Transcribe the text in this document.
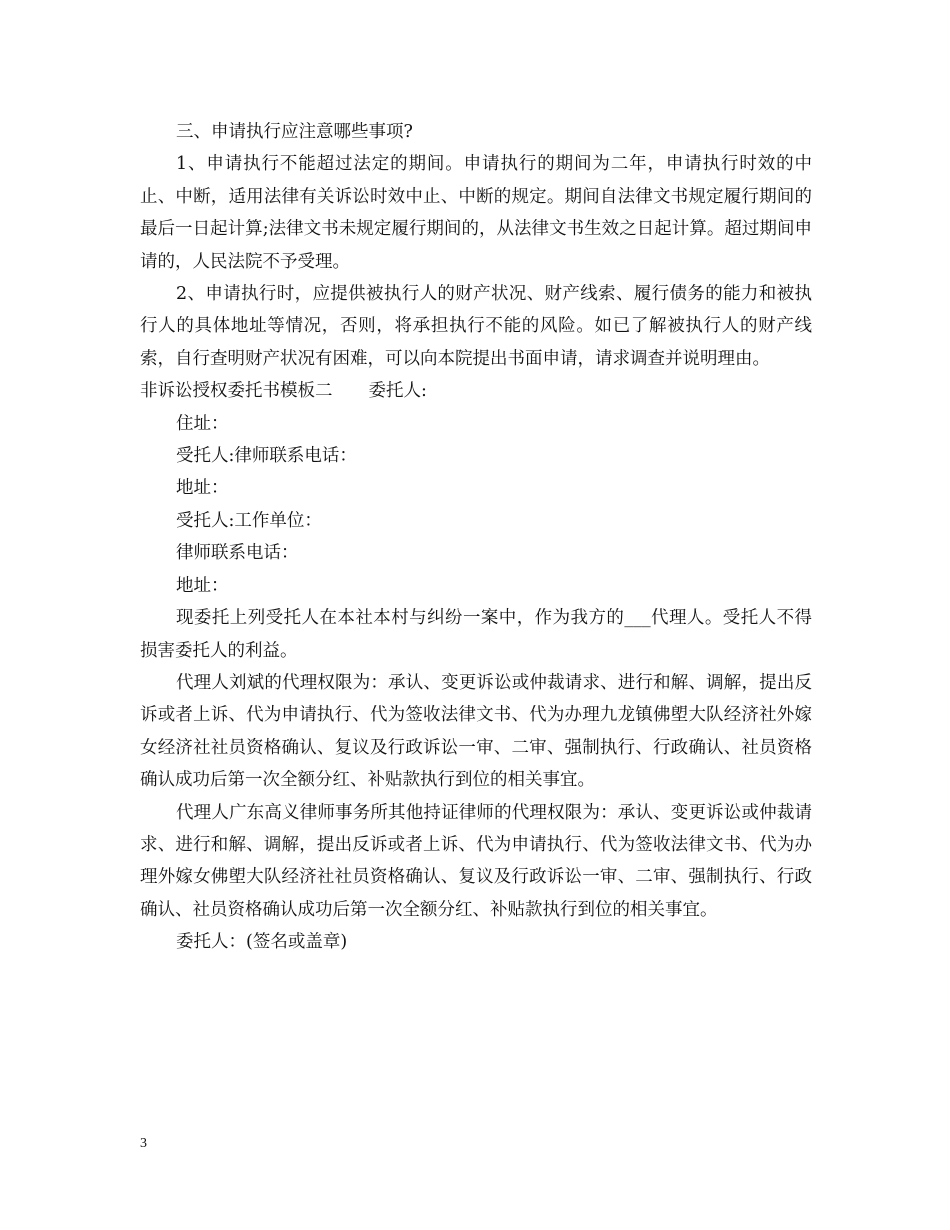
三、申请执行应注意哪些事项?

1、申请执行不能超过法定的期间。申请执行的期间为二年，申请执行时效的中止、中断，适用法律有关诉讼时效中止、中断的规定。期间自法律文书规定履行期间的最后一日起计算;法律文书未规定履行期间的，从法律文书生效之日起计算。超过期间申请的，人民法院不予受理。

2、申请执行时，应提供被执行人的财产状况、财产线索、履行债务的能力和被执行人的具体地址等情况，否则，将承担执行不能的风险。如已了解被执行人的财产线索，自行查明财产状况有困难，可以向本院提出书面申请，请求调查并说明理由。

非诉讼授权委托书模板二 委托人:

住址：

受托人:律师联系电话：

地址：

受托人:工作单位：

律师联系电话：

地址：

现委托上列受托人在本社本村与纠纷一案中，作为我方的___代理人。受托人不得损害委托人的利益。

代理人刘斌的代理权限为：承认、变更诉讼或仲裁请求、进行和解、调解，提出反诉或者上诉、代为申请执行、代为签收法律文书、代为办理九龙镇佛塱大队经济社外嫁女经济社社员资格确认、复议及行政诉讼一审、二审、强制执行、行政确认、社员资格确认成功后第一次全额分红、补贴款执行到位的相关事宜。

代理人广东高义律师事务所其他持证律师的代理权限为：承认、变更诉讼或仲裁请求、进行和解、调解，提出反诉或者上诉、代为申请执行、代为签收法律文书、代为办理外嫁女佛塱大队经济社社员资格确认、复议及行政诉讼一审、二审、强制执行、行政确认、社员资格确认成功后第一次全额分红、补贴款执行到位的相关事宜。

委托人：(签名或盖章)

3
